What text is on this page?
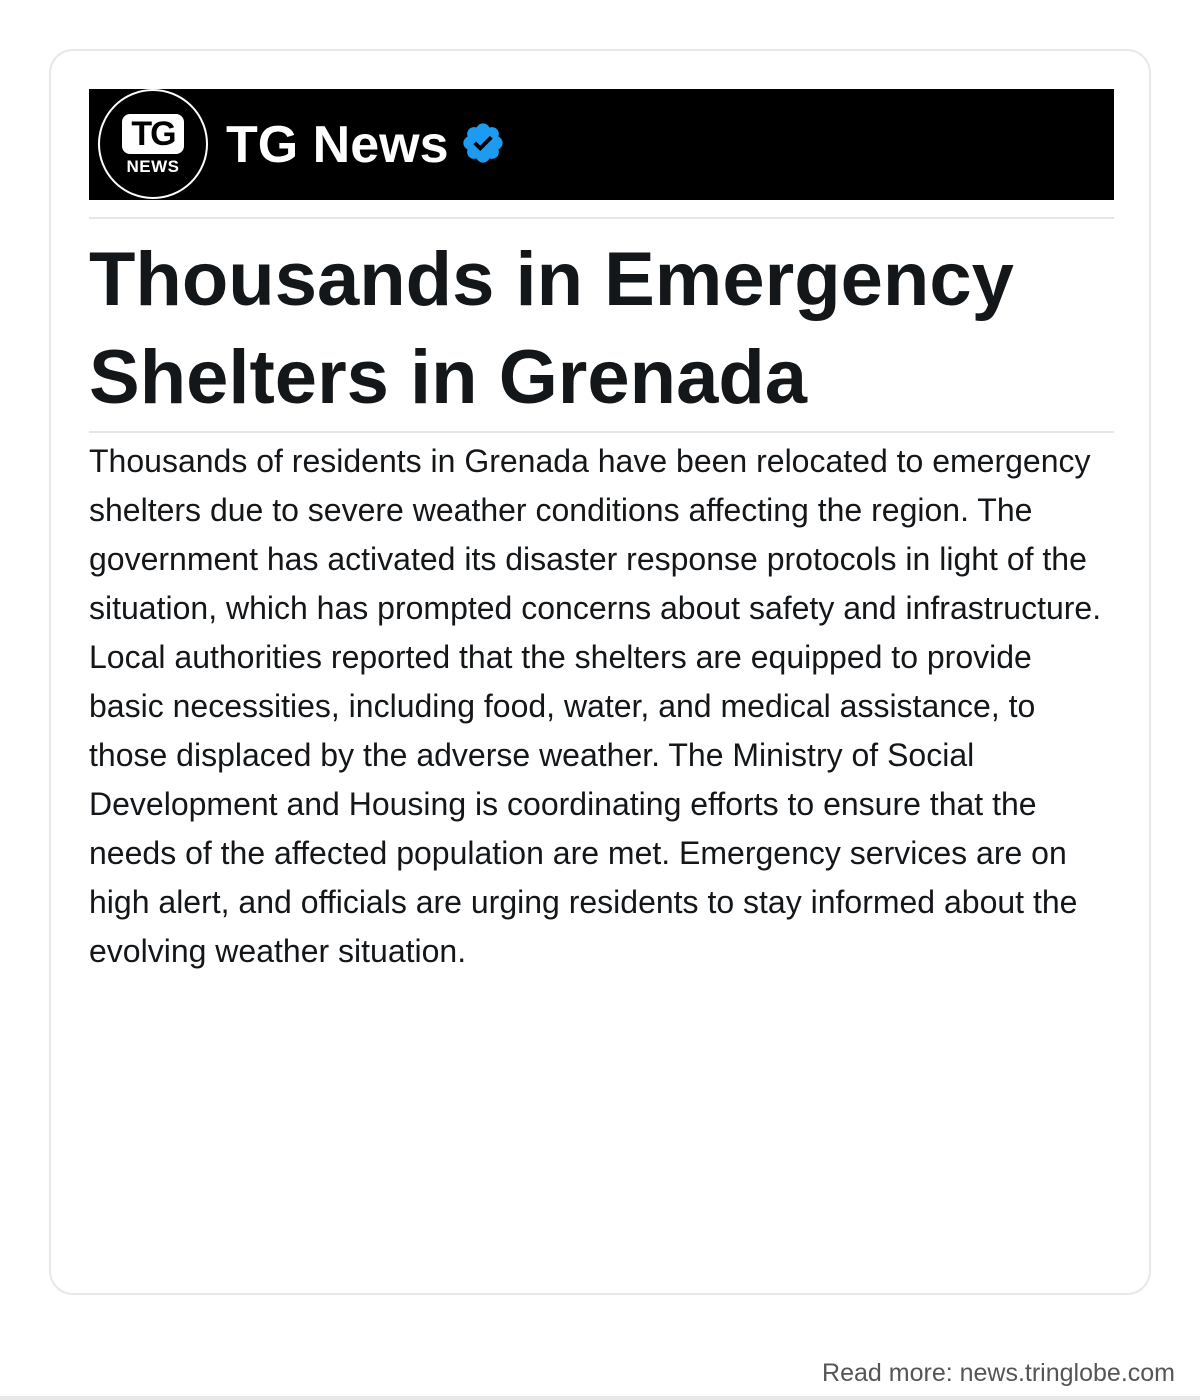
TG
NEWS TG News
Thousands in Emergency Shelters in Grenada

Thousands of residents in Grenada have been relocated to emergency shelters due to severe weather conditions affecting the region. The government has activated its disaster response protocols in light of the situation, which has prompted concerns about safety and infrastructure. Local authorities reported that the shelters are equipped to provide basic necessities, including food, water, and medical assistance, to those displaced by the adverse weather. The Ministry of Social Development and Housing is coordinating efforts to ensure that the needs of the affected population are met. Emergency services are on high alert, and officials are urging residents to stay informed about the evolving weather situation.

Read more: news.tringlobe.com
